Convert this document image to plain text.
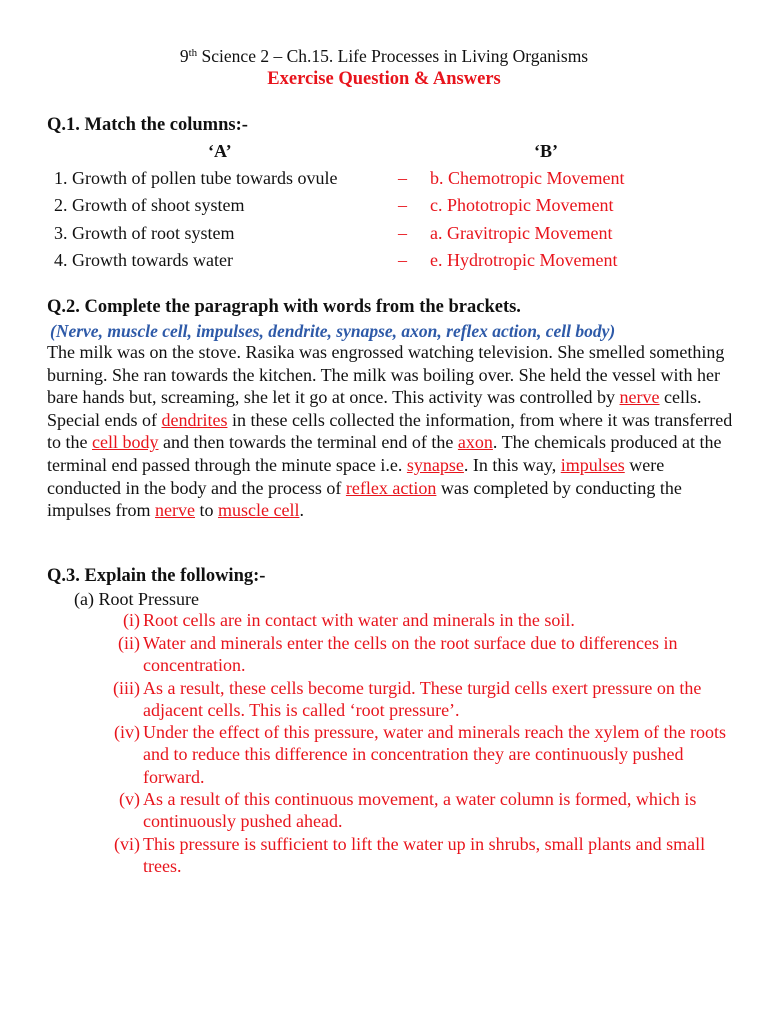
9th Science 2 – Ch.15. Life Processes in Living Organisms
Exercise Question & Answers
Q.1. Match the columns:-
‘A’	‘B’
1. Growth of pollen tube towards ovule	– b. Chemotropic Movement
2. Growth of shoot system	– c. Phototropic Movement
3. Growth of root system	– a. Gravitropic Movement
4. Growth towards water	– e. Hydrotropic Movement
Q.2. Complete the paragraph with words from the brackets.
(Nerve, muscle cell, impulses, dendrite, synapse, axon, reflex action, cell body)
The milk was on the stove. Rasika was engrossed watching television. She smelled something burning. She ran towards the kitchen. The milk was boiling over. She held the vessel with her bare hands but, screaming, she let it go at once. This activity was controlled by nerve cells. Special ends of dendrites in these cells collected the information, from where it was transferred to the cell body and then towards the terminal end of the axon. The chemicals produced at the terminal end passed through the minute space i.e. synapse. In this way, impulses were conducted in the body and the process of reflex action was completed by conducting the impulses from nerve to muscle cell.
Q.3. Explain the following:-
(a) Root Pressure
(i) Root cells are in contact with water and minerals in the soil.
(ii) Water and minerals enter the cells on the root surface due to differences in concentration.
(iii) As a result, these cells become turgid. These turgid cells exert pressure on the adjacent cells. This is called ‘root pressure’.
(iv) Under the effect of this pressure, water and minerals reach the xylem of the roots and to reduce this difference in concentration they are continuously pushed forward.
(v) As a result of this continuous movement, a water column is formed, which is continuously pushed ahead.
(vi) This pressure is sufficient to lift the water up in shrubs, small plants and small trees.
